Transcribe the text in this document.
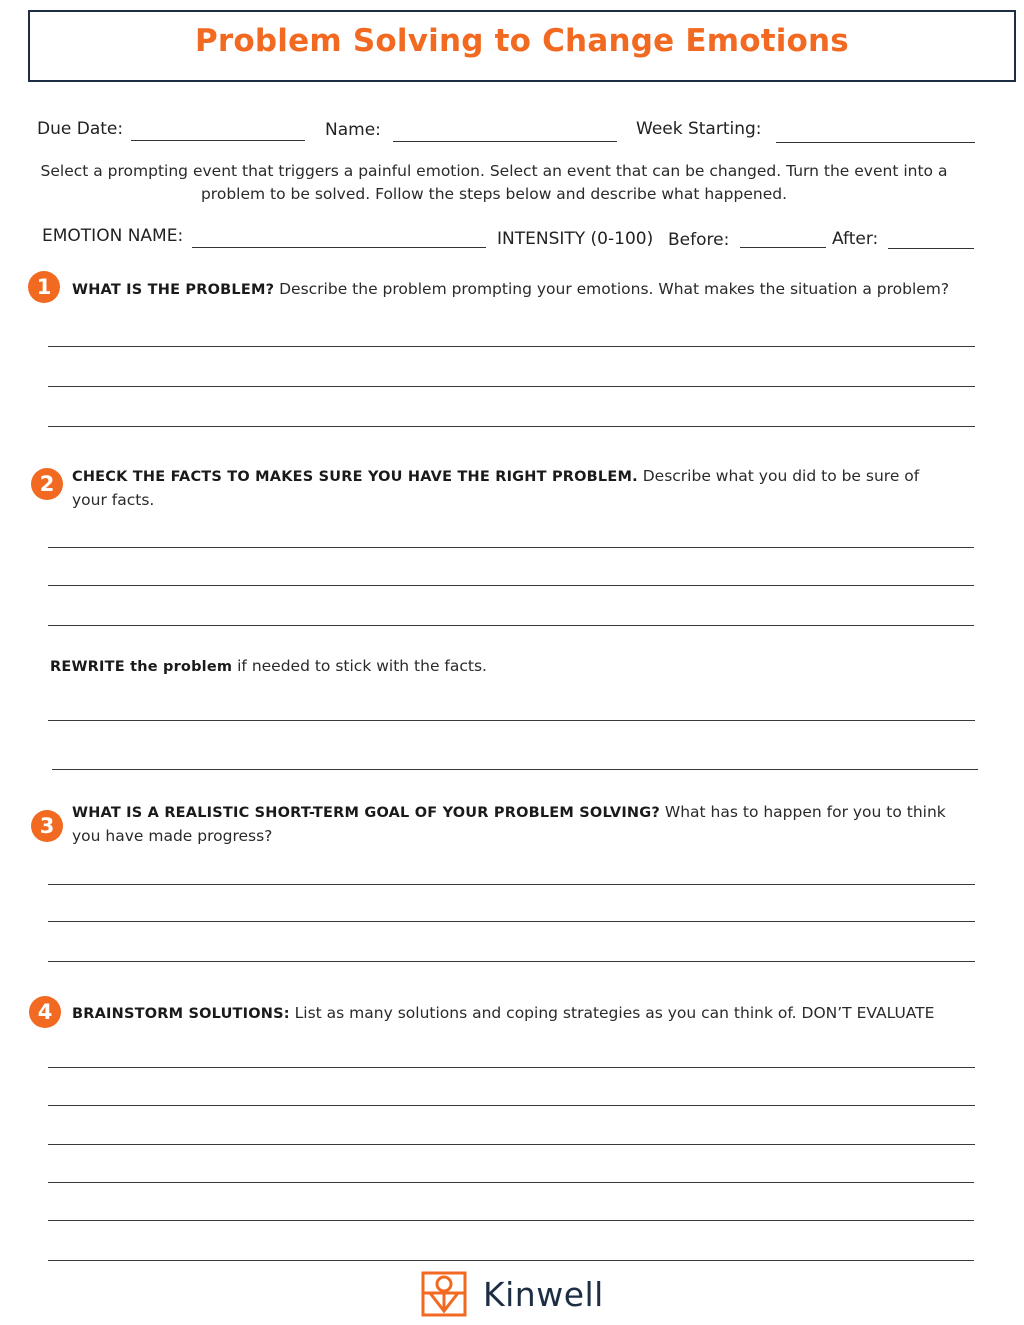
Problem Solving to Change Emotions
Due Date:	Name:	Week Starting:
Select a prompting event that triggers a painful emotion. Select an event that can be changed. Turn the event into a problem to be solved. Follow the steps below and describe what happened.
EMOTION NAME:	INTENSITY (0-100) Before:	After:
1	WHAT IS THE PROBLEM? Describe the problem prompting your emotions. What makes the situation a problem?
2	CHECK THE FACTS TO MAKES SURE YOU HAVE THE RIGHT PROBLEM. Describe what you did to be sure of your facts.
REWRITE the problem if needed to stick with the facts.
3
WHAT IS A REALISTIC SHORT-TERM GOAL OF YOUR PROBLEM SOLVING? What has to happen for you to think you have made progress?
4	BRAINSTORM SOLUTIONS: List as many solutions and coping strategies as you can think of. DON’T EVALUATE
Kinwell
